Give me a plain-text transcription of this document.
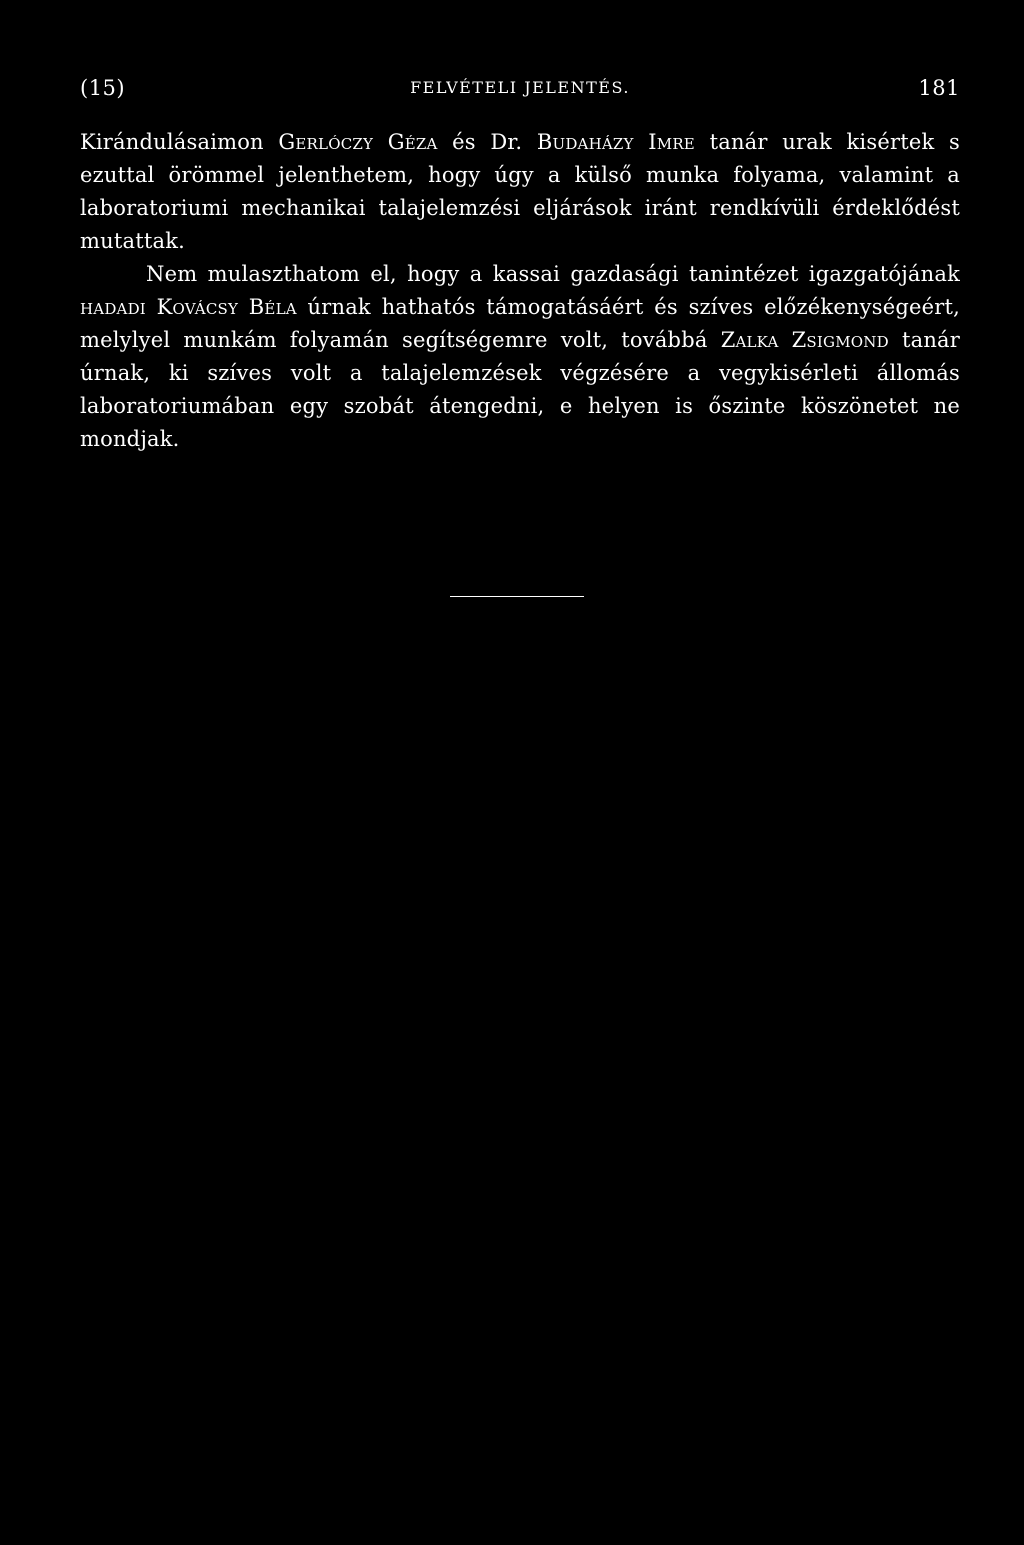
(15)	FELVÉTELI JELENTÉS.	181

Kirándulásaimon Gerlóczy Géza és Dr. Budaházy Imre tanár urak kisértek s ezuttal örömmel jelenthetem, hogy úgy a külső munka folyama, valamint a laboratoriumi mechanikai talajelemzési eljárások iránt rendkívüli érdeklődést mutattak.

Nem mulaszthatom el, hogy a kassai gazdasági tanintézet igazgatójának hadadi Kovácsy Béla úrnak hathatós támogatásáért és szíves előzékenységeért, melylyel munkám folyamán segítségemre volt, továbbá Zalka Zsigmond tanár úrnak, ki szíves volt a talajelemzések végzésére a vegykisérleti állomás laboratoriumában egy szobát átengedni, e helyen is őszinte köszönetet ne mondjak.
